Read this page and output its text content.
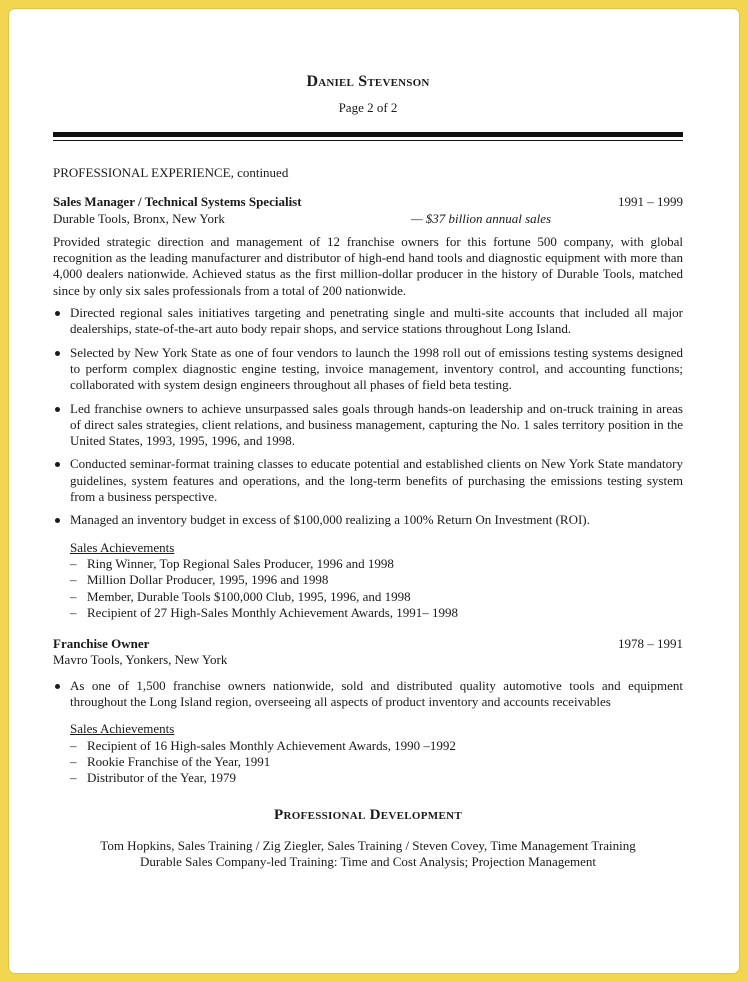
Daniel Stevenson
Page 2 of 2
PROFESSIONAL EXPERIENCE, continued
Sales Manager / Technical Systems Specialist	1991 – 1999
Durable Tools, Bronx, New York	— $37 billion annual sales
Provided strategic direction and management of 12 franchise owners for this fortune 500 company, with global recognition as the leading manufacturer and distributor of high-end hand tools and diagnostic equipment with more than 4,000 dealers nationwide. Achieved status as the first million-dollar producer in the history of Durable Tools, matched since by only six sales professionals from a total of 200 nationwide.
Directed regional sales initiatives targeting and penetrating single and multi-site accounts that included all major dealerships, state-of-the-art auto body repair shops, and service stations throughout Long Island.
Selected by New York State as one of four vendors to launch the 1998 roll out of emissions testing systems designed to perform complex diagnostic engine testing, invoice management, inventory control, and accounting functions; collaborated with system design engineers throughout all phases of field beta testing.
Led franchise owners to achieve unsurpassed sales goals through hands-on leadership and on-truck training in areas of direct sales strategies, client relations, and business management, capturing the No. 1 sales territory position in the United States, 1993, 1995, 1996, and 1998.
Conducted seminar-format training classes to educate potential and established clients on New York State mandatory guidelines, system features and operations, and the long-term benefits of purchasing the emissions testing system from a business perspective.
Managed an inventory budget in excess of $100,000 realizing a 100% Return On Investment (ROI).
Sales Achievements
– Ring Winner, Top Regional Sales Producer, 1996 and 1998
– Million Dollar Producer, 1995, 1996 and 1998
– Member, Durable Tools $100,000 Club, 1995, 1996, and 1998
– Recipient of 27 High-Sales Monthly Achievement Awards, 1991– 1998
Franchise Owner	1978 – 1991
Mavro Tools, Yonkers, New York
As one of 1,500 franchise owners nationwide, sold and distributed quality automotive tools and equipment throughout the Long Island region, overseeing all aspects of product inventory and accounts receivables
Sales Achievements
– Recipient of 16 High-sales Monthly Achievement Awards, 1990 –1992
– Rookie Franchise of the Year, 1991
– Distributor of the Year, 1979
Professional Development
Tom Hopkins, Sales Training / Zig Ziegler, Sales Training / Steven Covey, Time Management Training
Durable Sales Company-led Training: Time and Cost Analysis; Projection Management
